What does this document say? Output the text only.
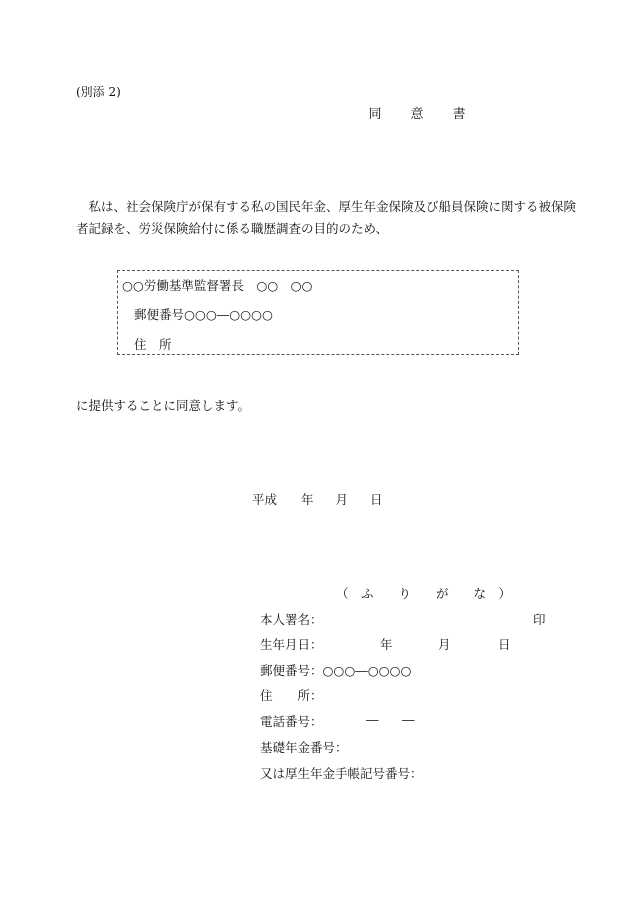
(別添 2)
同　　意　　書
私は、社会保険庁が保有する私の国民年金、厚生年金保険及び船員保険に関する被保険者記録を、労災保険給付に係る職歴調査の目的のため、
○○労働基準監督署長　○○　○○
郵便番号○○○―○○○○
住　所
に提供することに同意します。
平成 年 月 日
（　ふ　　り　　が　　な　）
本人署名：	印
生年月日：	年	月	日
郵便番号：○○○―○○○○
住　　所：
電話番号：	― ―
基礎年金番号：
又は厚生年金手帳記号番号：
